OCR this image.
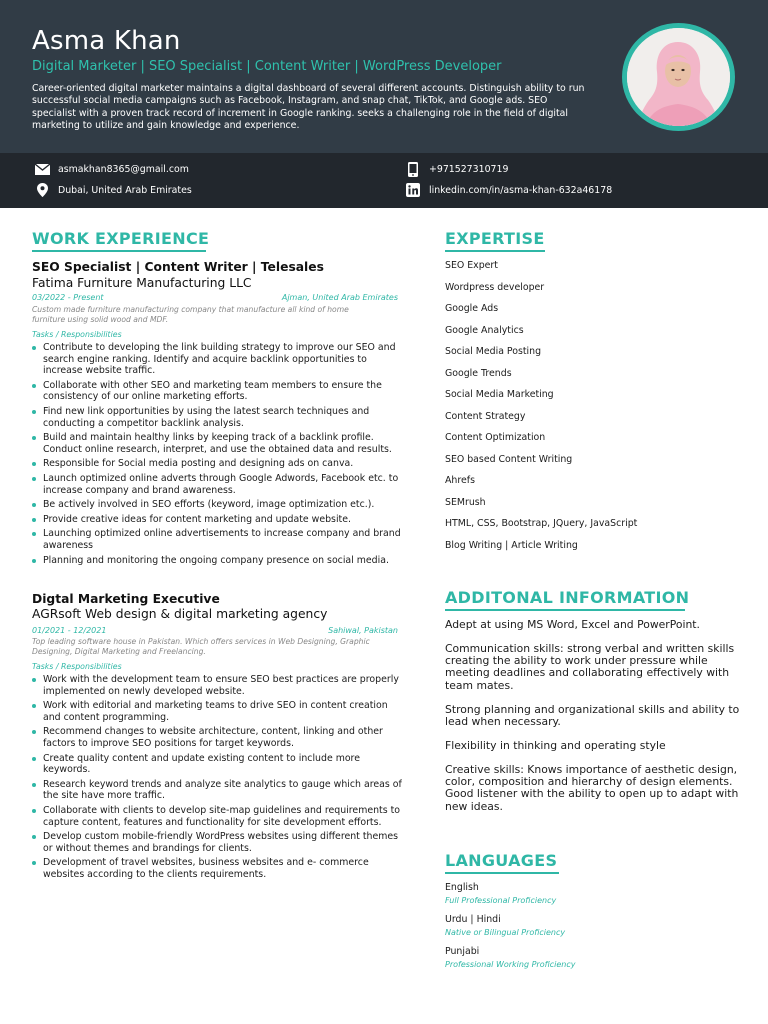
Asma Khan
Digital Marketer | SEO Specialist | Content Writer | WordPress Developer
Career-oriented digital marketer maintains a digital dashboard of several different accounts. Distinguish ability to run successful social media campaigns such as Facebook, Instagram, and snap chat, TikTok, and Google ads. SEO specialist with a proven track record of increment in Google ranking. seeks a challenging role in the field of digital marketing to utilize and gain knowledge and experience.
asmakhan8365@gmail.com
Dubai, United Arab Emirates
+971527310719
linkedin.com/in/asma-khan-632a46178
WORK EXPERIENCE
SEO Specialist | Content Writer | Telesales
Fatima Furniture Manufacturing LLC
03/2022 - Present	Ajman, United Arab Emirates
Custom made furniture manufacturing company that manufacture all kind of home furniture using solid wood and MDF.
Tasks / Responsibilities
Contribute to developing the link building strategy to improve our SEO and search engine ranking. Identify and acquire backlink opportunities to increase website traffic.
Collaborate with other SEO and marketing team members to ensure the consistency of our online marketing efforts.
Find new link opportunities by using the latest search techniques and conducting a competitor backlink analysis.
Build and maintain healthy links by keeping track of a backlink profile. Conduct online research, interpret, and use the obtained data and results.
Responsible for Social media posting and designing ads on canva.
Launch optimized online adverts through Google Adwords, Facebook etc. to increase company and brand awareness.
Be actively involved in SEO efforts (keyword, image optimization etc.).
Provide creative ideas for content marketing and update website.
Launching optimized online advertisements to increase company and brand awareness
Planning and monitoring the ongoing company presence on social media.
Digtal Marketing Executive
AGRsoft Web design & digital marketing agency
01/2021 - 12/2021	Sahiwal, Pakistan
Top leading software house in Pakistan. Which offers services in Web Designing, Graphic Designing, Digital Marketing and Freelancing.
Tasks / Responsibilities
Work with the development team to ensure SEO best practices are properly implemented on newly developed website.
Work with editorial and marketing teams to drive SEO in content creation and content programming.
Recommend changes to website architecture, content, linking and other factors to improve SEO positions for target keywords.
Create quality content and update existing content to include more keywords.
Research keyword trends and analyze site analytics to gauge which areas of the site have more traffic.
Collaborate with clients to develop site-map guidelines and requirements to capture content, features and functionality for site development efforts.
Develop custom mobile-friendly WordPress websites using different themes or without themes and brandings for clients.
Development of travel websites, business websites and e- commerce websites according to the clients requirements.
EXPERTISE
SEO Expert
Wordpress developer
Google Ads
Google Analytics
Social Media Posting
Google Trends
Social Media Marketing
Content Strategy
Content Optimization
SEO based Content Writing
Ahrefs
SEMrush
HTML, CSS, Bootstrap, JQuery, JavaScript
Blog Writing | Article Writing
ADDITONAL INFORMATION
Adept at using MS Word, Excel and PowerPoint.
Communication skills: strong verbal and written skills creating the ability to work under pressure while meeting deadlines and collaborating effectively with team mates.
Strong planning and organizational skills and ability to lead when necessary.
Flexibility in thinking and operating style
Creative skills: Knows importance of aesthetic design, color, composition and hierarchy of design elements. Good listener with the ability to open up to adapt with new ideas.
LANGUAGES
English
Full Professional Proficiency
Urdu | Hindi
Native or Bilingual Proficiency
Punjabi
Professional Working Proficiency
